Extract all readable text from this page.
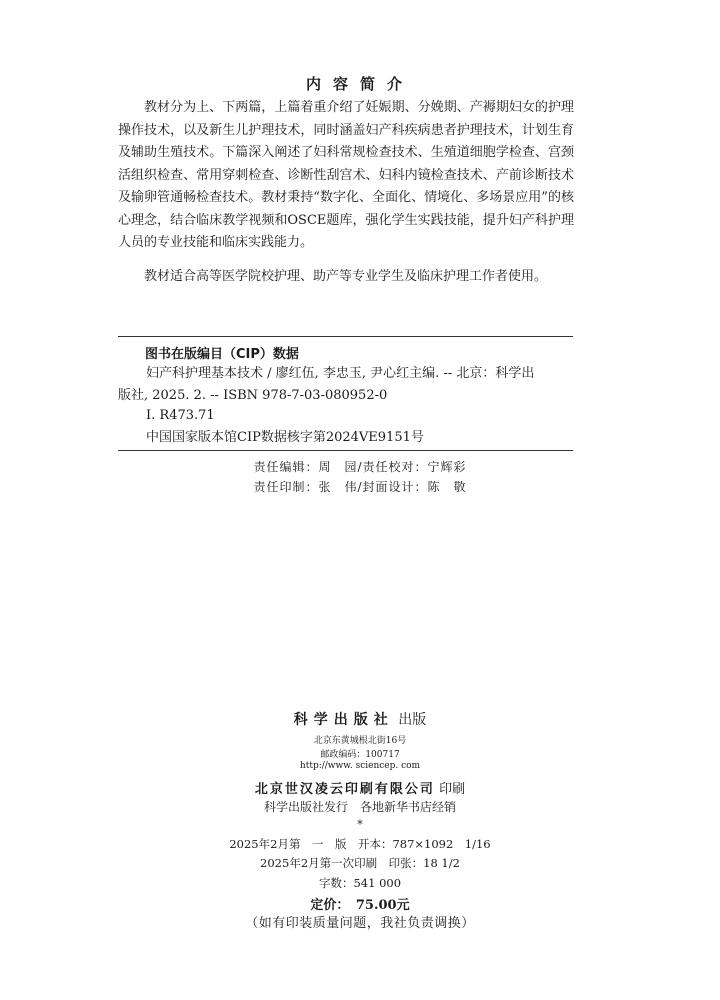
内容简介
教材分为上、下两篇，上篇着重介绍了妊娠期、分娩期、产褥期妇女的护理操作技术，以及新生儿护理技术，同时涵盖妇产科疾病患者护理技术，计划生育及辅助生殖技术。下篇深入阐述了妇科常规检查技术、生殖道细胞学检查、宫颈活组织检查、常用穿刺检查、诊断性刮宫术、妇科内镜检查技术、产前诊断技术及输卵管通畅检查技术。教材秉持“数字化、全面化、情境化、多场景应用”的核心理念，结合临床教学视频和OSCE题库，强化学生实践技能，提升妇产科护理人员的专业技能和临床实践能力。
教材适合高等医学院校护理、助产等专业学生及临床护理工作者使用。
图书在版编目（CIP）数据
妇产科护理基本技术 / 廖红伍, 李忠玉, 尹心红主编. -- 北京：科学出
版社, 2025. 2. -- ISBN 978-7-03-080952-0
Ⅰ. R473.71
中国国家版本馆CIP数据核字第2024VE9151号
责任编辑：周　园/责任校对：宁辉彩
责任印制：张　伟/封面设计：陈　敬
科学出版社 出版
北京东黄城根北街16号
邮政编码：100717
http://www. sciencep. com
北京世汉凌云印刷有限公司 印刷
科学出版社发行　各地新华书店经销
*
2025年2月第　一　版　开本：787×1092　1/16
2025年2月第一次印刷　印张：18 1/2
字数：541 000
定价：　75.00元
（如有印装质量问题，我社负责调换）
